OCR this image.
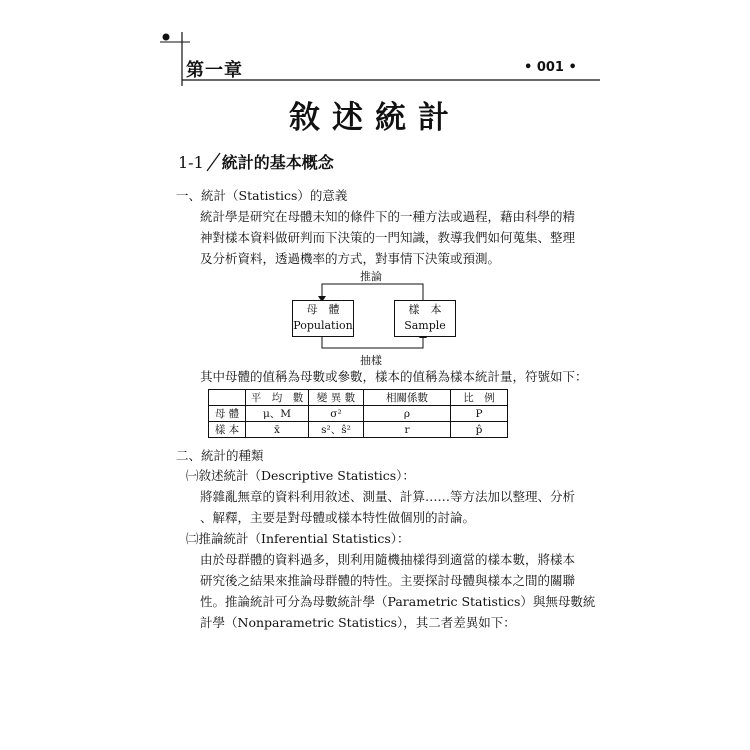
第一章	• 001 •
敘述統計
1-1 統計的基本概念
一、統計（Statistics）的意義
統計學是研究在母體未知的條件下的一種方法或過程，藉由科學的精
神對樣本資料做研判而下決策的一門知識，教導我們如何蒐集、整理
及分析資料，透過機率的方式，對事情下決策或預測。
推論
抽樣
母　體
Population
樣　本
Sample
其中母體的值稱為母數或參數，樣本的值稱為樣本統計量，符號如下：
	平　均　數	變 異 數	相關係數	比　例
母 體	μ、M	σ²	ρ	P
樣 本	x̄	s²、ŝ²	r	p̂
二、統計的種類
㈠敘述統計（Descriptive Statistics）：
將雜亂無章的資料利用敘述、測量、計算……等方法加以整理、分析
、解釋，主要是對母體或樣本特性做個別的討論。
㈡推論統計（Inferential Statistics）：
由於母群體的資料過多，則利用隨機抽樣得到適當的樣本數，將樣本
研究後之結果來推論母群體的特性。主要探討母體與樣本之間的關聯
性。推論統計可分為母數統計學（Parametric Statistics）與無母數統
計學（Nonparametric Statistics），其二者差異如下：
